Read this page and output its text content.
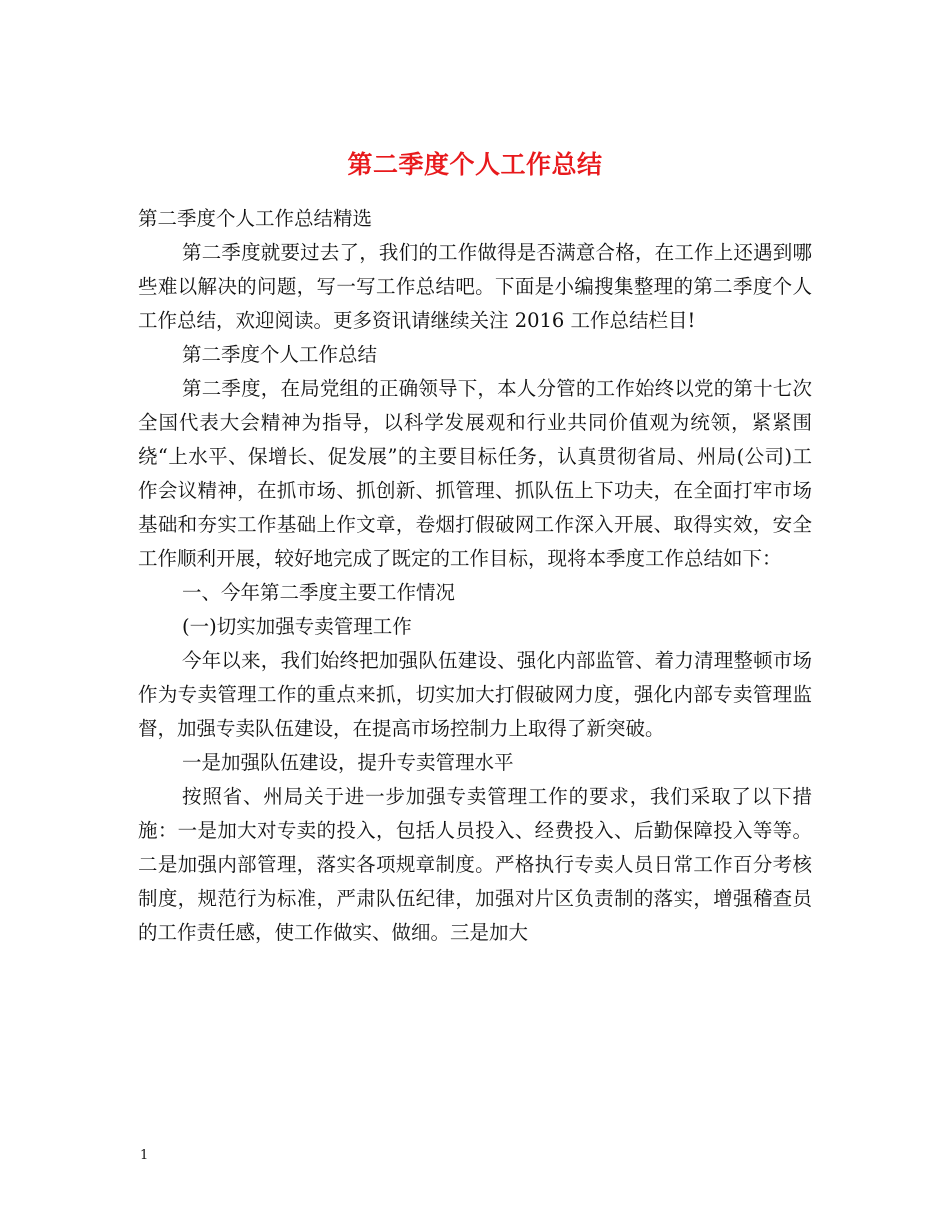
第二季度个人工作总结

第二季度个人工作总结精选

第二季度就要过去了，我们的工作做得是否满意合格，在工作上还遇到哪些难以解决的问题，写一写工作总结吧。下面是小编搜集整理的第二季度个人工作总结，欢迎阅读。更多资讯请继续关注 2016 工作总结栏目!

第二季度个人工作总结

第二季度，在局党组的正确领导下，本人分管的工作始终以党的第十七次全国代表大会精神为指导，以科学发展观和行业共同价值观为统领，紧紧围绕“上水平、保增长、促发展”的主要目标任务，认真贯彻省局、州局(公司)工作会议精神，在抓市场、抓创新、抓管理、抓队伍上下功夫，在全面打牢市场基础和夯实工作基础上作文章，卷烟打假破网工作深入开展、取得实效，安全工作顺利开展，较好地完成了既定的工作目标，现将本季度工作总结如下：

一、今年第二季度主要工作情况

(一)切实加强专卖管理工作

今年以来，我们始终把加强队伍建设、强化内部监管、着力清理整顿市场作为专卖管理工作的重点来抓，切实加大打假破网力度，强化内部专卖管理监督，加强专卖队伍建设，在提高市场控制力上取得了新突破。

一是加强队伍建设，提升专卖管理水平

按照省、州局关于进一步加强专卖管理工作的要求，我们采取了以下措施：一是加大对专卖的投入，包括人员投入、经费投入、后勤保障投入等等。二是加强内部管理，落实各项规章制度。严格执行专卖人员日常工作百分考核制度，规范行为标准，严肃队伍纪律，加强对片区负责制的落实，增强稽查员的工作责任感，使工作做实、做细。三是加大

1
